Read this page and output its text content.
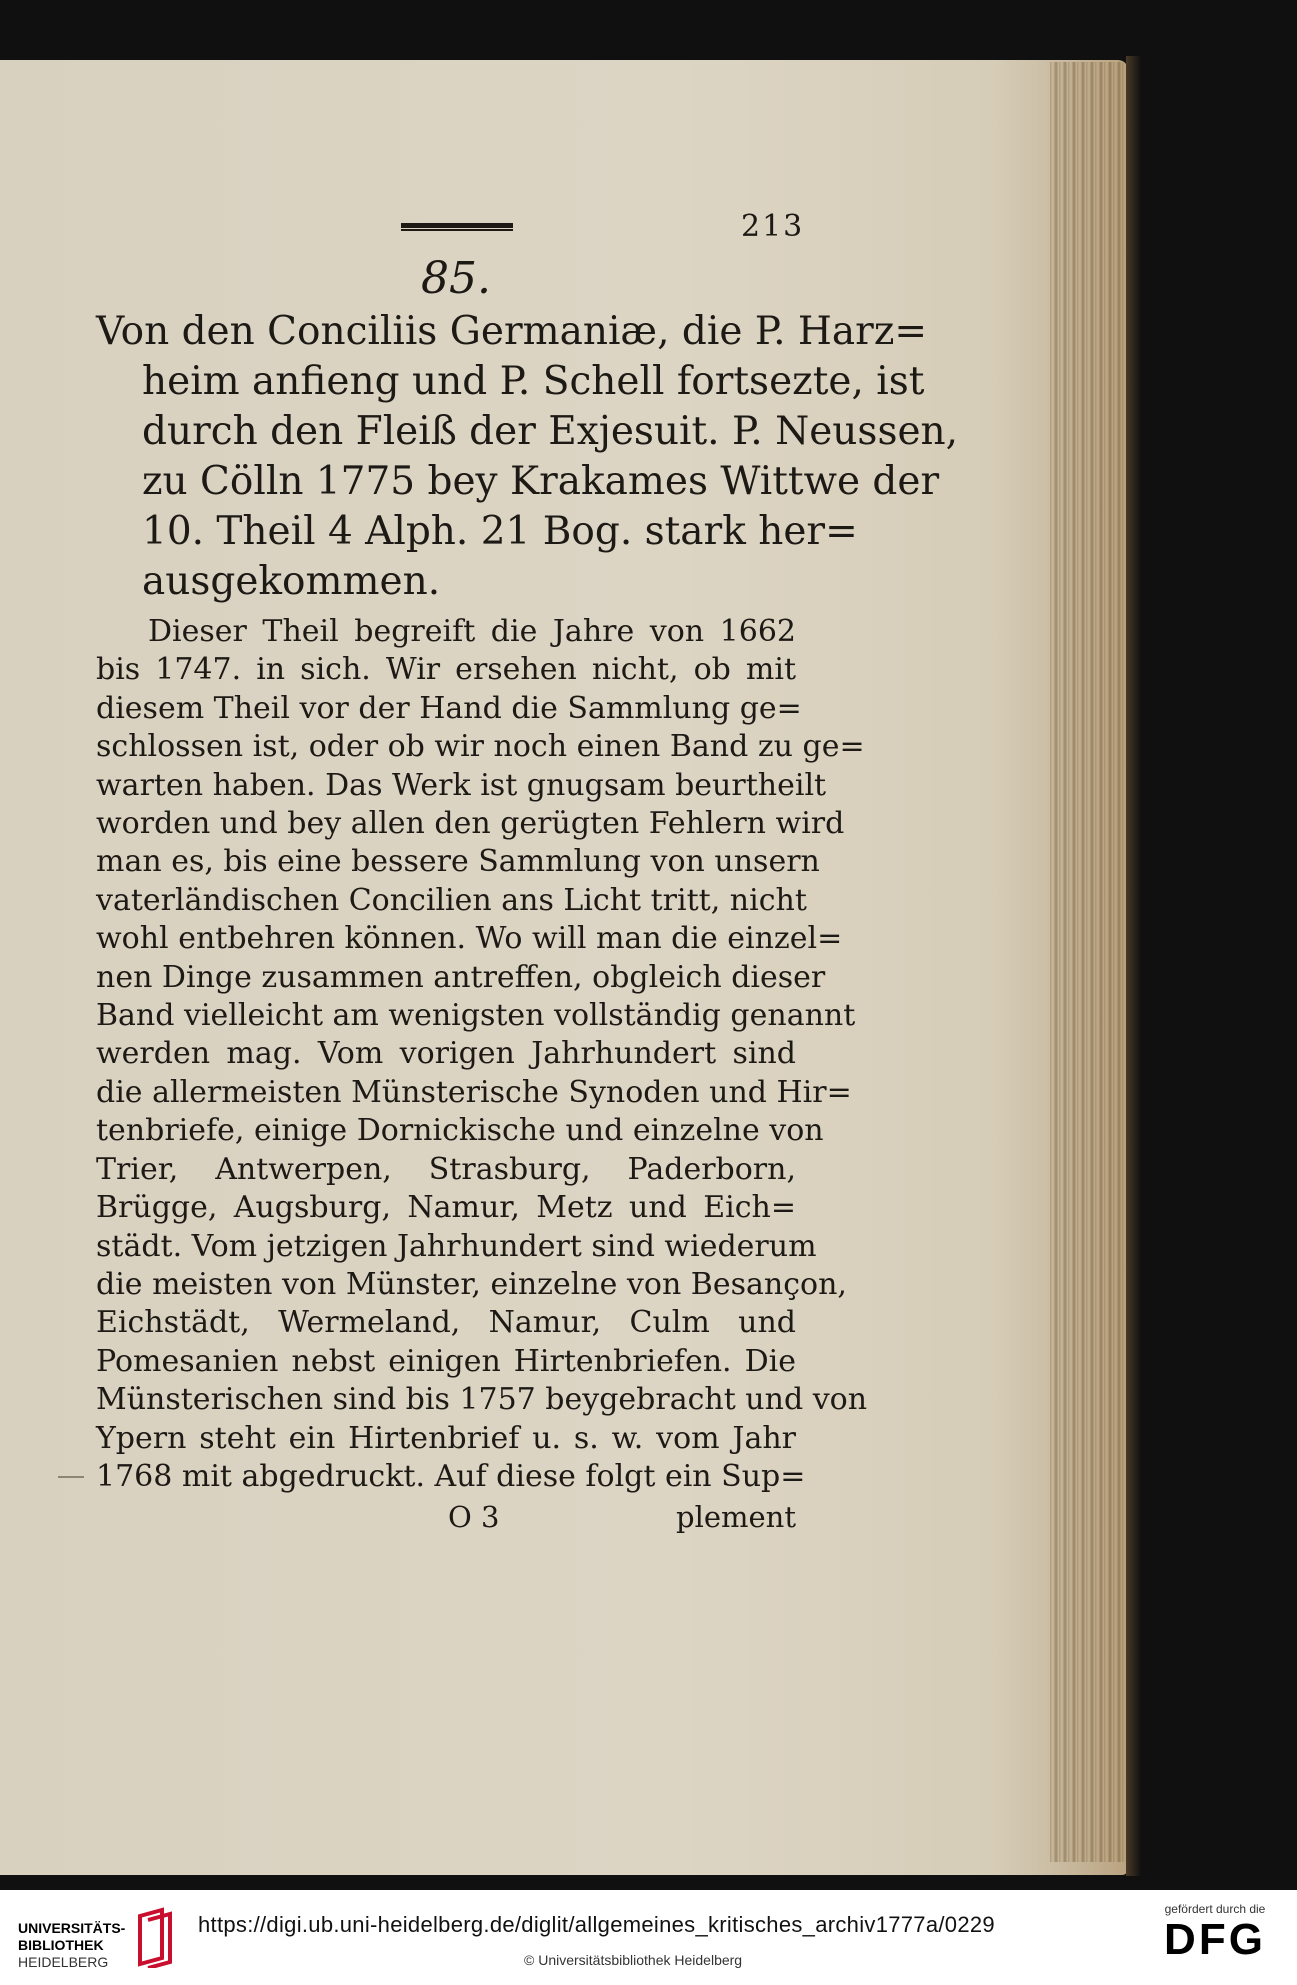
213
85.
Von den Conciliis Germaniæ, die P. Harz=
heim anfieng und P. Schell fortsezte, ist
durch den Fleiß der Exjesuit. P. Neussen,
zu Cölln 1775 bey Krakames Wittwe der
10. Theil 4 Alph. 21 Bog. stark her=
ausgekommen.
Dieser Theil begreift die Jahre von 1662
bis 1747. in sich. Wir ersehen nicht, ob mit
diesem Theil vor der Hand die Sammlung ge=
schlossen ist, oder ob wir noch einen Band zu ge=
warten haben. Das Werk ist gnugsam beurtheilt
worden und bey allen den gerügten Fehlern wird
man es, bis eine bessere Sammlung von unsern
vaterländischen Concilien ans Licht tritt, nicht
wohl entbehren können. Wo will man die einzel=
nen Dinge zusammen antreffen, obgleich dieser
Band vielleicht am wenigsten vollständig genannt
werden mag. Vom vorigen Jahrhundert sind
die allermeisten Münsterische Synoden und Hir=
tenbriefe, einige Dornickische und einzelne von
Trier, Antwerpen, Strasburg, Paderborn,
Brügge, Augsburg, Namur, Metz und Eich=
städt. Vom jetzigen Jahrhundert sind wiederum
die meisten von Münster, einzelne von Besançon,
Eichstädt, Wermeland, Namur, Culm und
Pomesanien nebst einigen Hirtenbriefen. Die
Münsterischen sind bis 1757 beygebracht und von
Ypern steht ein Hirtenbrief u. s. w. vom Jahr
1768 mit abgedruckt. Auf diese folgt ein Sup=
O 3	plement
UNIVERSITÄTS-
BIBLIOTHEK
HEIDELBERG
https://digi.ub.uni-heidelberg.de/diglit/allgemeines_kritisches_archiv1777a/0229
© Universitätsbibliothek Heidelberg
gefördert durch die
DFG
